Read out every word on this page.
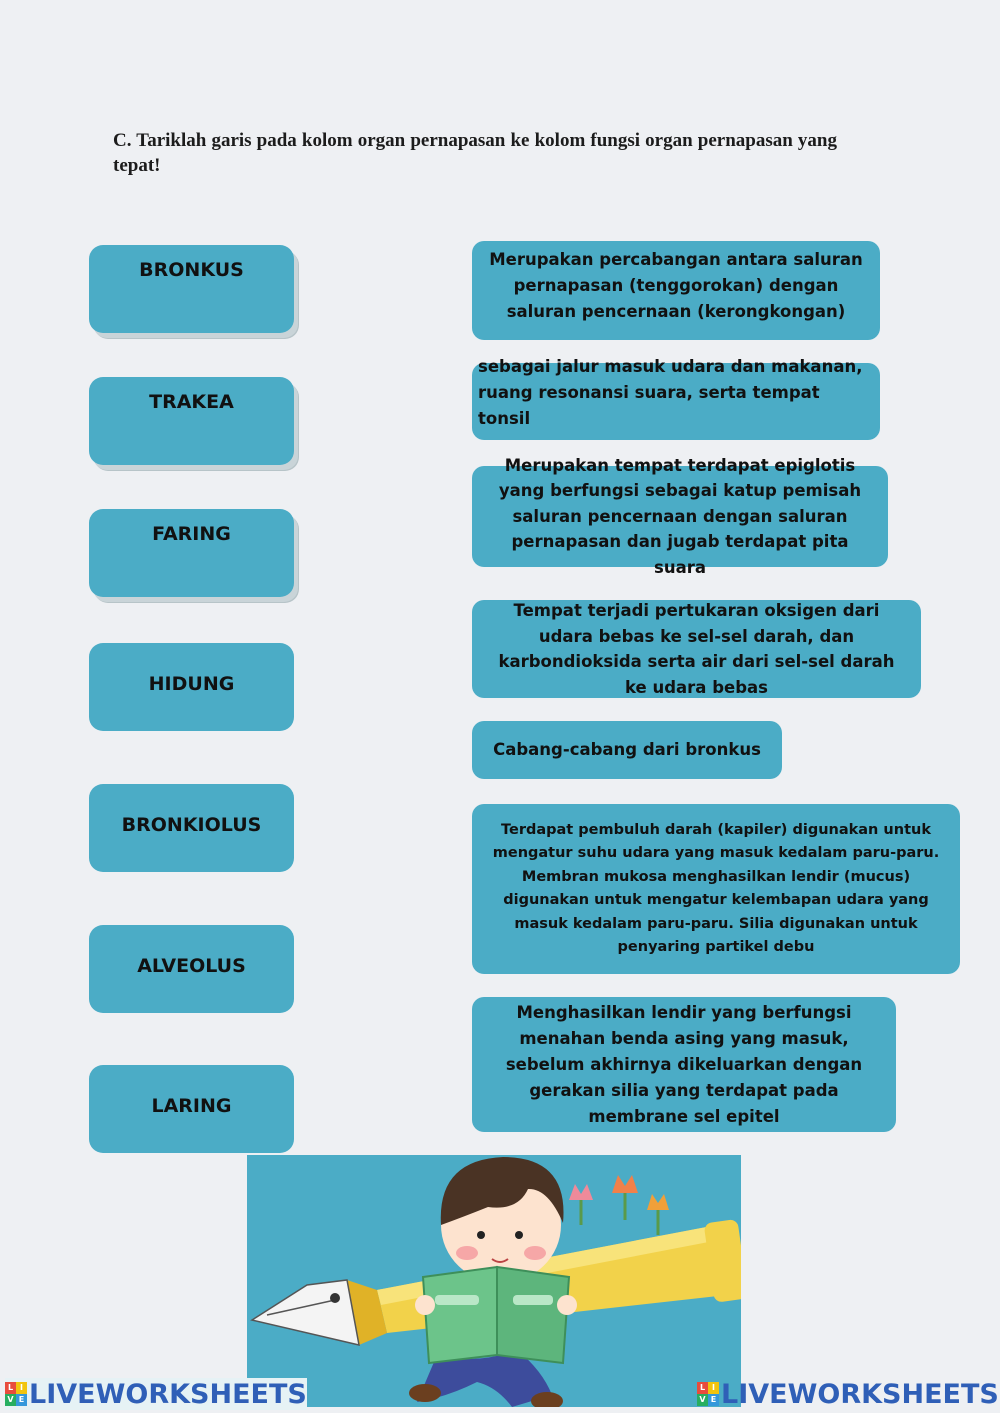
C. Tariklah garis pada kolom organ pernapasan ke kolom fungsi organ pernapasan yang tepat!
BRONKUS
TRAKEA
FARING
HIDUNG
BRONKIOLUS
ALVEOLUS
LARING
Merupakan percabangan antara saluran pernapasan (tenggorokan) dengan saluran pencernaan (kerongkongan)
sebagai jalur masuk udara dan makanan, ruang resonansi suara, serta tempat tonsil
Merupakan tempat terdapat epiglotis yang berfungsi sebagai katup pemisah saluran pencernaan dengan saluran pernapasan dan jugab terdapat pita suara
Tempat terjadi pertukaran oksigen dari udara bebas ke sel-sel darah, dan karbondioksida serta air dari sel-sel darah ke udara bebas
Cabang-cabang dari bronkus
Terdapat pembuluh darah (kapiler) digunakan untuk mengatur suhu udara yang masuk kedalam paru-paru. Membran mukosa menghasilkan lendir (mucus) digunakan untuk mengatur kelembapan udara yang masuk kedalam paru-paru. Silia digunakan untuk penyaring partikel debu
Menghasilkan lendir yang berfungsi menahan benda asing yang masuk, sebelum akhirnya dikeluarkan dengan gerakan silia yang terdapat pada membrane sel epitel
L I
V E LIVEWORKSHEETS	L I
V E LIVEWORKSHEETS
